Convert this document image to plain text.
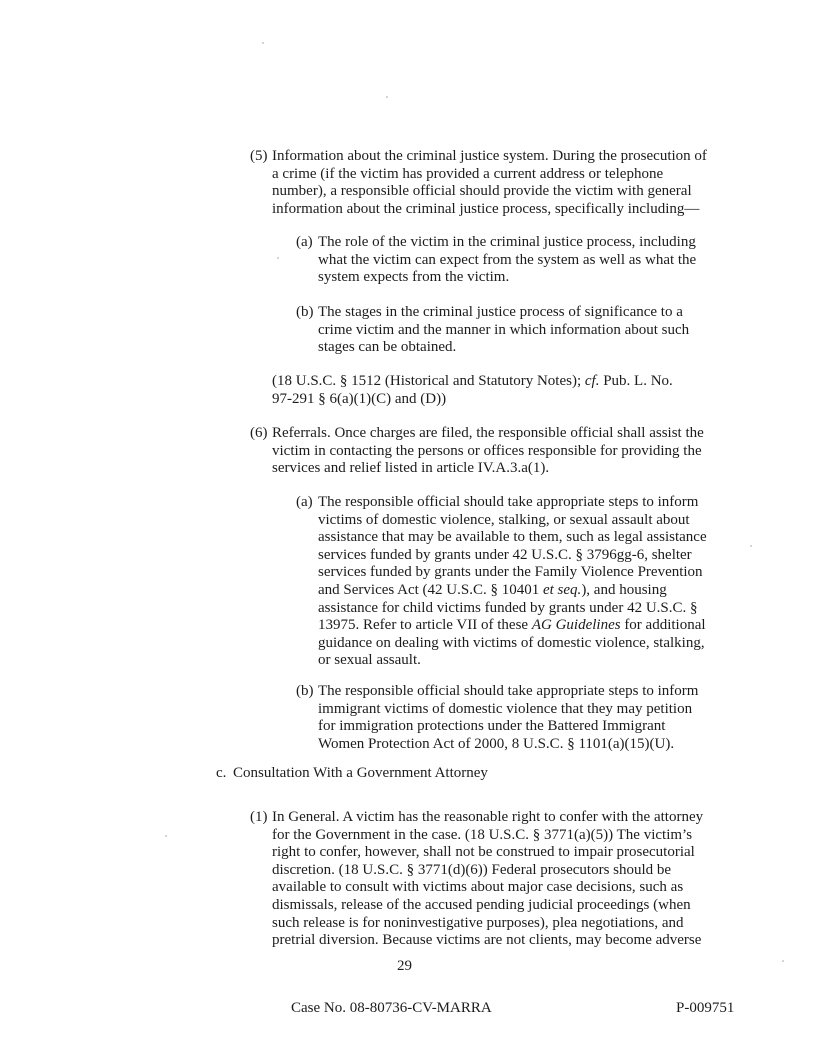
(5) Information about the criminal justice system. During the prosecution of a crime (if the victim has provided a current address or telephone number), a responsible official should provide the victim with general information about the criminal justice process, specifically including—
(a) The role of the victim in the criminal justice process, including what the victim can expect from the system as well as what the system expects from the victim.
(b) The stages in the criminal justice process of significance to a crime victim and the manner in which information about such stages can be obtained.
(18 U.S.C. § 1512 (Historical and Statutory Notes); cf. Pub. L. No. 97-291 § 6(a)(1)(C) and (D))
(6) Referrals. Once charges are filed, the responsible official shall assist the victim in contacting the persons or offices responsible for providing the services and relief listed in article IV.A.3.a(1).
(a) The responsible official should take appropriate steps to inform victims of domestic violence, stalking, or sexual assault about assistance that may be available to them, such as legal assistance services funded by grants under 42 U.S.C. § 3796gg-6, shelter services funded by grants under the Family Violence Prevention and Services Act (42 U.S.C. § 10401 et seq.), and housing assistance for child victims funded by grants under 42 U.S.C. § 13975. Refer to article VII of these AG Guidelines for additional guidance on dealing with victims of domestic violence, stalking, or sexual assault.
(b) The responsible official should take appropriate steps to inform immigrant victims of domestic violence that they may petition for immigration protections under the Battered Immigrant Women Protection Act of 2000, 8 U.S.C. § 1101(a)(15)(U).
c. Consultation With a Government Attorney
(1) In General. A victim has the reasonable right to confer with the attorney for the Government in the case. (18 U.S.C. § 3771(a)(5)) The victim’s right to confer, however, shall not be construed to impair prosecutorial discretion. (18 U.S.C. § 3771(d)(6)) Federal prosecutors should be available to consult with victims about major case decisions, such as dismissals, release of the accused pending judicial proceedings (when such release is for noninvestigative purposes), plea negotiations, and pretrial diversion. Because victims are not clients, may become adverse
29
Case No. 08-80736-CV-MARRA	P-009751
